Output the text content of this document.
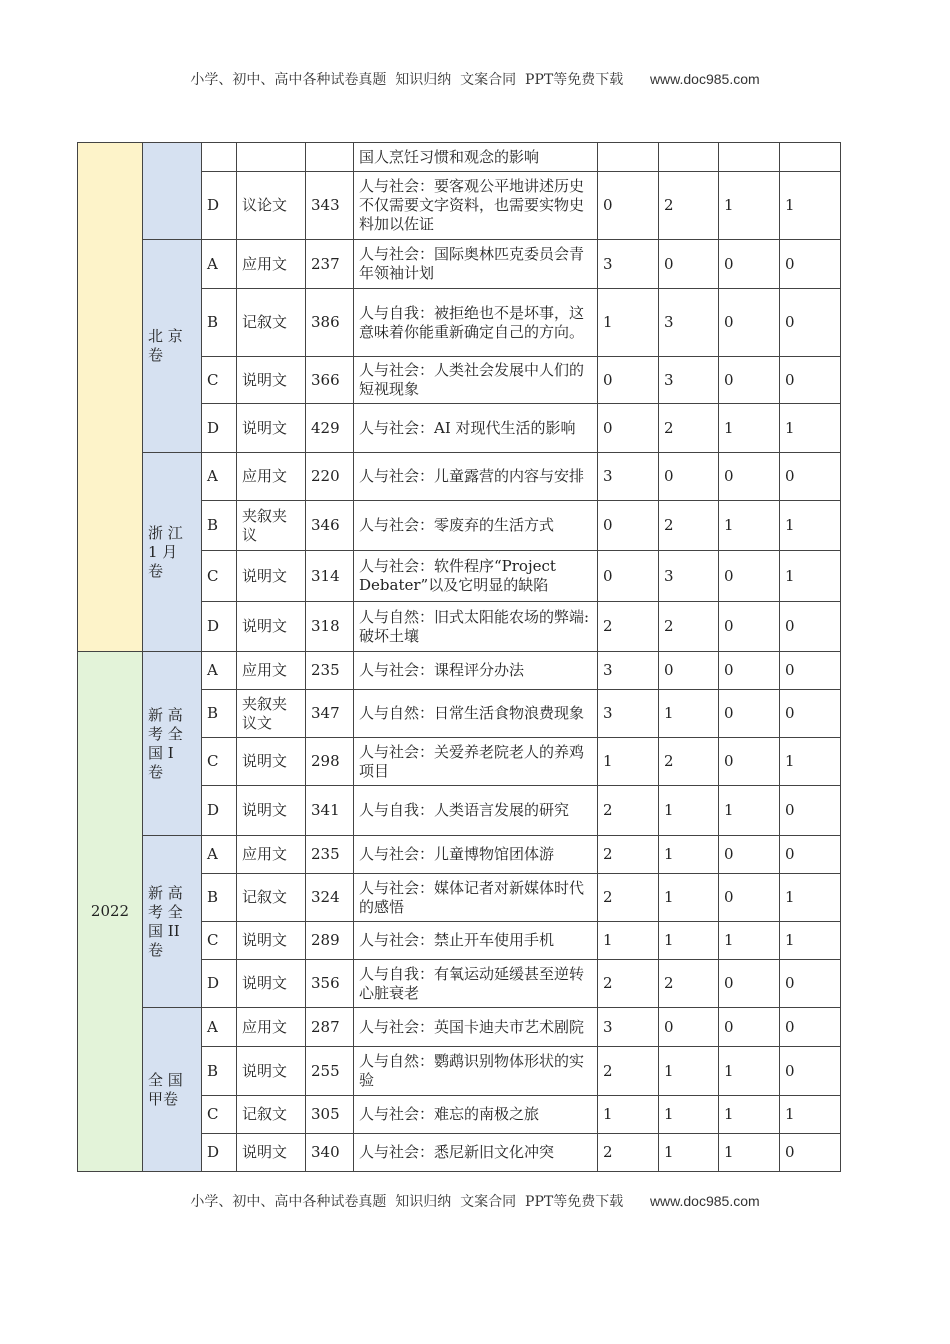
小学、初中、高中各种试卷真题  知识归纳  文案合同  PPT等免费下载 www.doc985.com
					国人烹饪习惯和观念的影响				
		D	议论文	343	人与社会：要客观公平地讲述历史不仅需要文字资料，也需要实物史料加以佐证	0	2	1	1

	北 京
卷	A	应用文	237	人与社会：国际奥林匹克委员会青年领袖计划	3	0	0	0
		B	记叙文	386	人与自我：被拒绝也不是坏事，这意味着你能重新确定自己的方向。	1	3	0	0
		C	说明文	366	人与社会：人类社会发展中人们的短视现象	0	3	0	0
		D	说明文	429	人与社会：AI 对现代生活的影响	0	2	1	1

	浙 江
1 月
卷	A	应用文	220	人与社会：儿童露营的内容与安排	3	0	0	0
		B	夹叙夹议	346	人与社会：零废弃的生活方式	0	2	1	1
		C	说明文	314	人与社会：软件程序“Project Debater”以及它明显的缺陷	0	3	0	1
		D	说明文	318	人与自然：旧式太阳能农场的弊端:破坏土壤	2	2	0	0
2022	新 高
考 全
国 I
卷	A	应用文	235	人与社会：课程评分办法	3	0	0	0
		B	夹叙夹议文	347	人与自然：日常生活食物浪费现象	3	1	0	0
		C	说明文	298	人与社会：关爱养老院老人的养鸡项目	1	2	0	1
		D	说明文	341	人与自我：人类语言发展的研究	2	1	1	0

	新 高
考 全
国 II
卷	A	应用文	235	人与社会：儿童博物馆团体游	2	1	0	0
		B	记叙文	324	人与社会：媒体记者对新媒体时代的感悟	2	1	0	1
		C	说明文	289	人与社会：禁止开车使用手机	1	1	1	1
		D	说明文	356	人与自我：有氧运动延缓甚至逆转心脏衰老	2	2	0	0

	全 国
甲卷	A	应用文	287	人与社会：英国卡迪夫市艺术剧院	3	0	0	0
		B	说明文	255	人与自然：鹦鹉识别物体形状的实验	2	1	1	0
		C	记叙文	305	人与社会：难忘的南极之旅	1	1	1	1
		D	说明文	340	人与社会：悉尼新旧文化冲突	2	1	1	0
小学、初中、高中各种试卷真题  知识归纳  文案合同  PPT等免费下载 www.doc985.com
